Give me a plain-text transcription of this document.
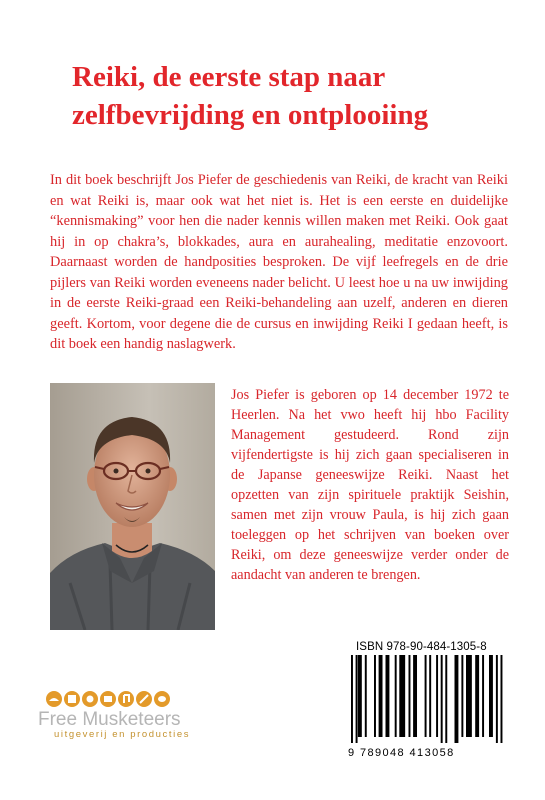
Reiki, de eerste stap naar
zelfbevrijding en ontplooiing

In dit boek beschrijft Jos Piefer de geschiedenis van Reiki, de kracht van Reiki en wat Reiki is, maar ook wat het niet is. Het is een eerste en duidelijke “kennismaking” voor hen die nader kennis willen maken met Reiki. Ook gaat hij in op chakra’s, blokkades, aura en aurahealing, meditatie enzovoort. Daarnaast worden de handposities besproken. De vijf leefregels en de drie pijlers van Reiki worden eveneens nader belicht. U leest hoe u na uw inwijding in de eerste Reiki-graad een Reiki-behandeling aan uzelf, anderen en dieren geeft. Kortom, voor degene die de cursus en inwijding Reiki I gedaan heeft, is dit boek een handig naslagwerk.

Jos Piefer is geboren op 14 december 1972 te Heerlen. Na het vwo heeft hij hbo Facility Management gestudeerd. Rond zijn vijfendertigste is hij zich gaan specialiseren in de Japanse geneeswijze Reiki. Naast het opzetten van zijn spirituele praktijk Seishin, samen met zijn vrouw Paula, is hij zich gaan toeleggen op het schrijven van boeken over Reiki, om deze geneeswijze verder onder de aandacht van anderen te brengen.

ISBN 978-90-484-1305-8
9 789048 413058
Free Musketeers
uitgeverij en producties
